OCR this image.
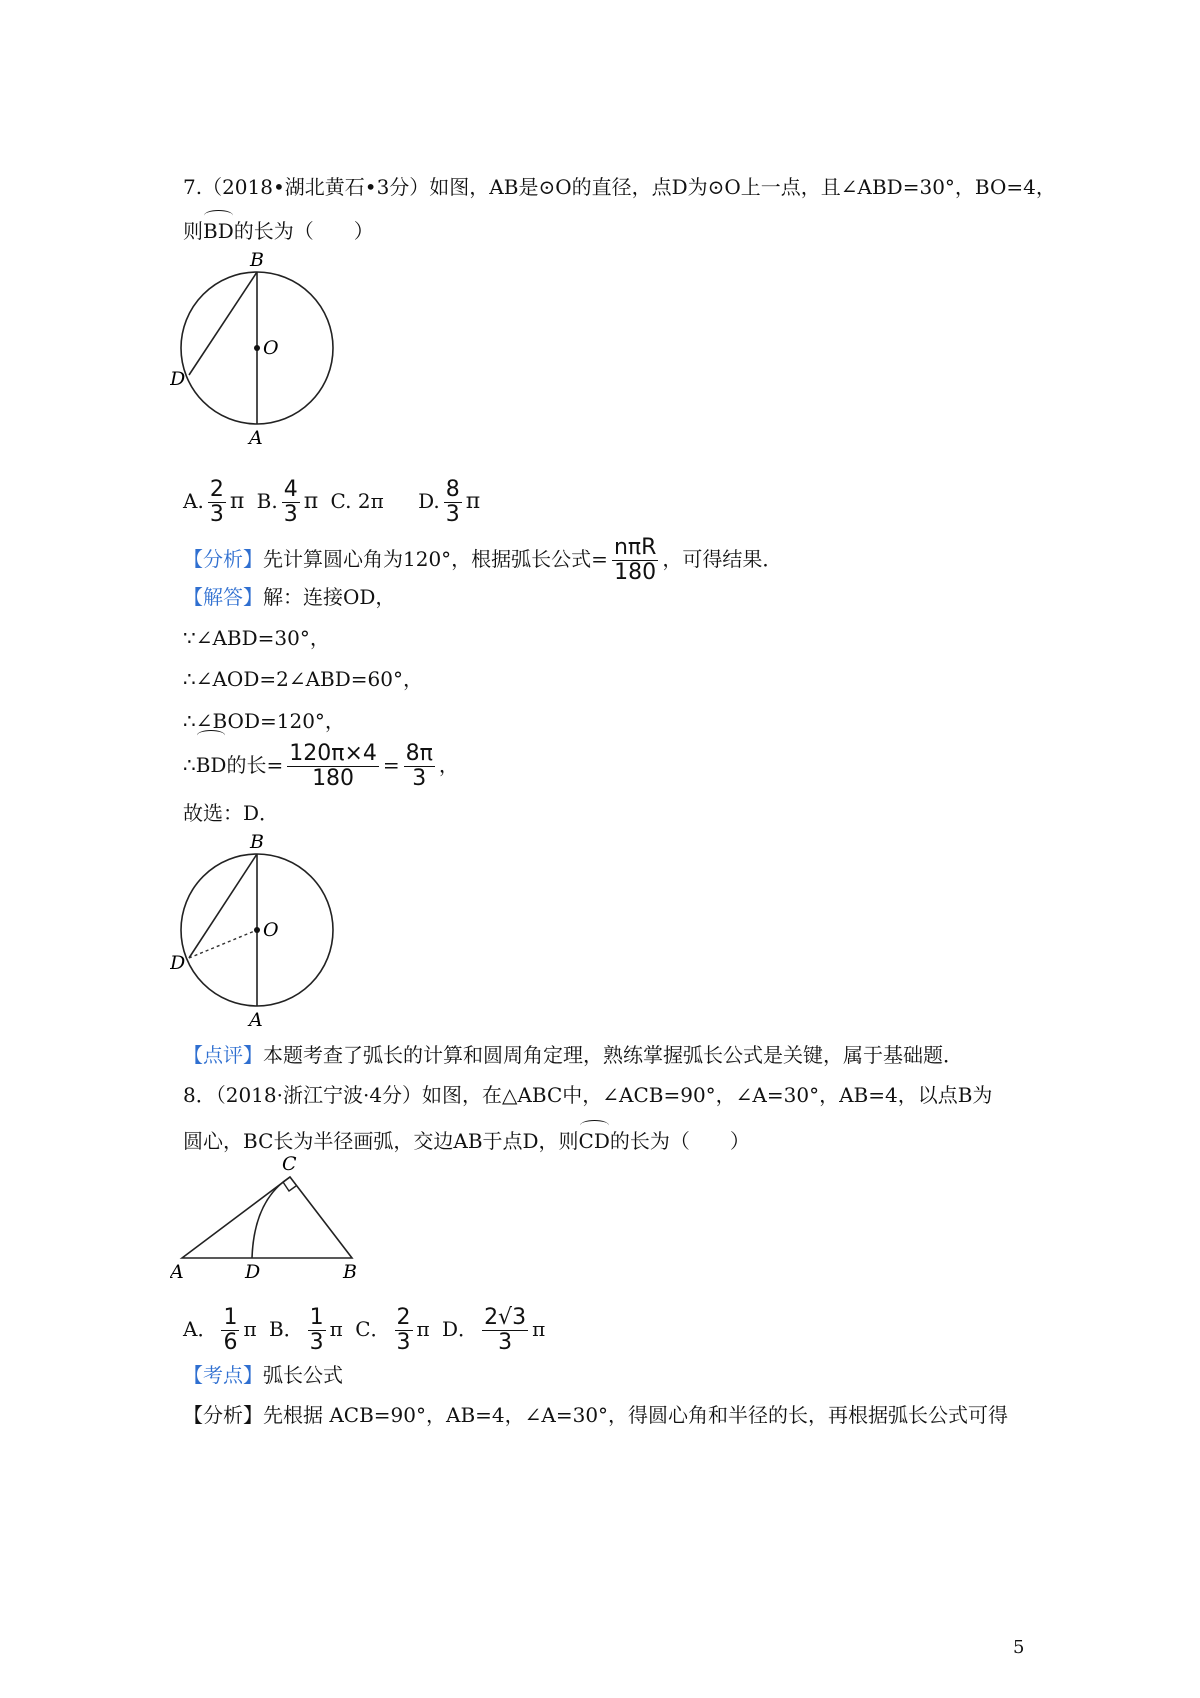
7.（2018•湖北黄石•3分）如图，AB是⊙O的直径，点D为⊙O上一点，且∠ABD=30°，BO=4，
则BD的长为（　　）
B
O
D
A
A. $\frac{2}{3}$ π B. $\frac{4}{3}$ π C. 2π D. $\frac{8}{3}$ π
【分析】先计算圆心角为120°，根据弧长公式= $\frac{\text{nπR}}{180}$ ，可得结果．
【解答】解：连接OD，
∵∠ABD=30°，
∴∠AOD=2∠ABD=60°，
∴∠BOD=120°，
∴BD的长= $\frac{120\pi\times 4}{180} = \frac{8\pi}{3}$ ，
故选：D．
B
O
D
A
【点评】本题考查了弧长的计算和圆周角定理，熟练掌握弧长公式是关键，属于基础题．
8．（2018·浙江宁波·4分）如图，在△ABC中，∠ACB=90°，∠A=30°，AB=4，以点B为
圆心，BC长为半径画弧，交边AB于点D，则CD的长为（　　）
C
A	D	B
A． $\frac{1}{6}$ π B． $\frac{1}{3}$ π C． $\frac{2}{3}$ π D． $\frac{2√3}{3}$ π
【考点】弧长公式
【分析】先根据 ACB=90°，AB=4，∠A=30°，得圆心角和半径的长，再根据弧长公式可得
5
